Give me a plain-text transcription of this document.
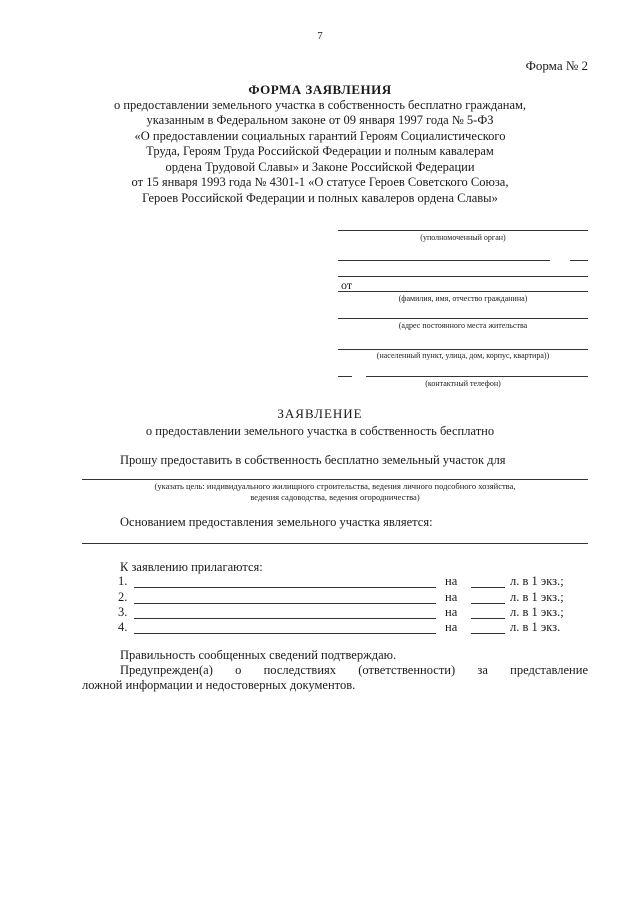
7
Форма № 2
ФОРМА ЗАЯВЛЕНИЯ
о предоставлении земельного участка в собственность бесплатно гражданам,
указанным в Федеральном законе от 09 января 1997 года № 5-ФЗ
«О предоставлении социальных гарантий Героям Социалистического
Труда, Героям Труда Российской Федерации и полным кавалерам
ордена Трудовой Славы» и Законе Российской Федерации
от 15 января 1993 года № 4301-1 «О статусе Героев Советского Союза,
Героев Российской Федерации и полных кавалеров ордена Славы»
(уполномоченный орган)
от
(фамилия, имя, отчество гражданина)
(адрес постоянного места жительства
(населенный пункт, улица, дом, корпус, квартира))
(контактный телефон)
ЗАЯВЛЕНИЕ
о предоставлении земельного участка в собственность бесплатно
Прошу предоставить в собственность бесплатно земельный участок для
(указать цель: индивидуального жилищного строительства, ведения личного подсобного хозяйства,
ведения садоводства, ведения огородничества)
Основанием предоставления земельного участка является:
К заявлению прилагаются:
1.	на	л. в 1 экз.;
2.	на	л. в 1 экз.;
3.	на	л. в 1 экз.;
4.	на	л. в 1 экз.
Правильность сообщенных сведений подтверждаю.
Предупрежден(а) о последствиях (ответственности) за представление
ложной информации и недостоверных документов.
